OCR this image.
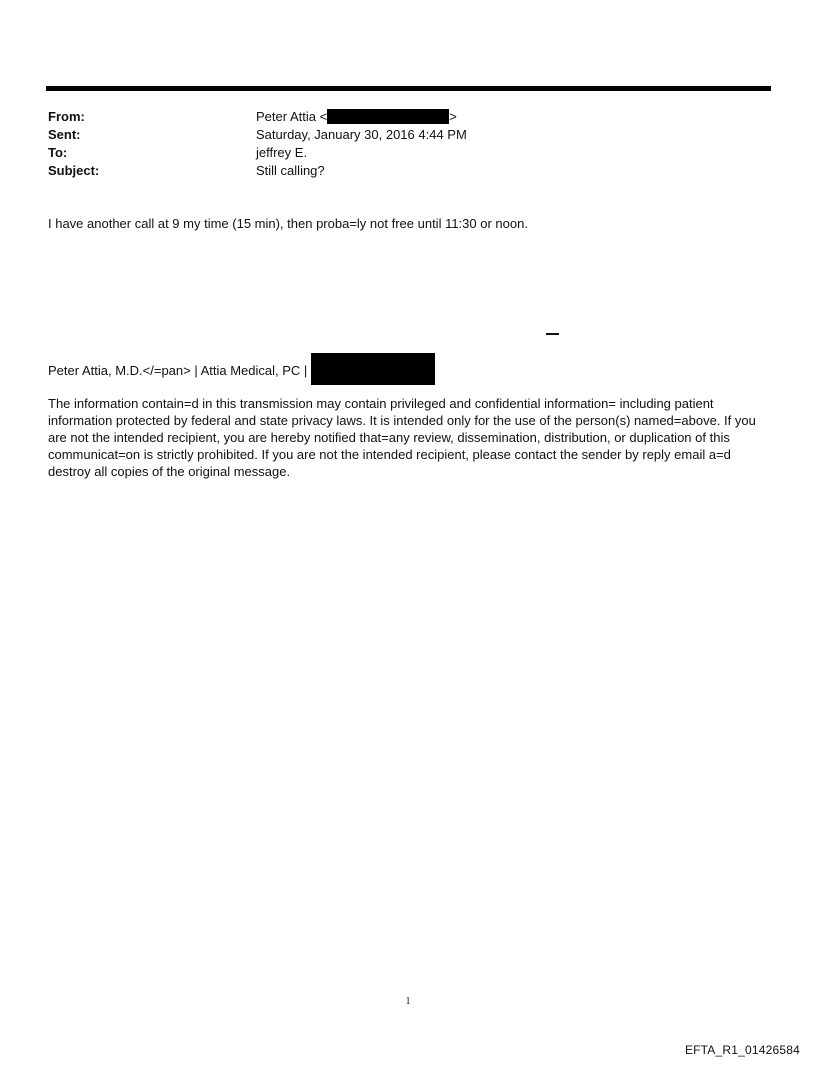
From:	Peter Attia <	>
Sent:	Saturday, January 30, 2016 4:44 PM
To:	jeffrey E.
Subject:	Still calling?

I have another call at 9 my time (15 min), then proba=ly not free until 11:30 or noon.

Peter Attia, M.D.</=pan> | Attia Medical, PC |

The information contain=d in this transmission may contain privileged and confidential information= including patient information protected by federal and state privacy laws. It is intended only for the use of the person(s) named=above. If you are not the intended recipient, you are hereby notified that=any review, dissemination, distribution, or duplication of this communicat=on is strictly prohibited. If you are not the intended recipient, please contact the sender by reply email a=d destroy all copies of the original message.

1
EFTA_R1_01426584
